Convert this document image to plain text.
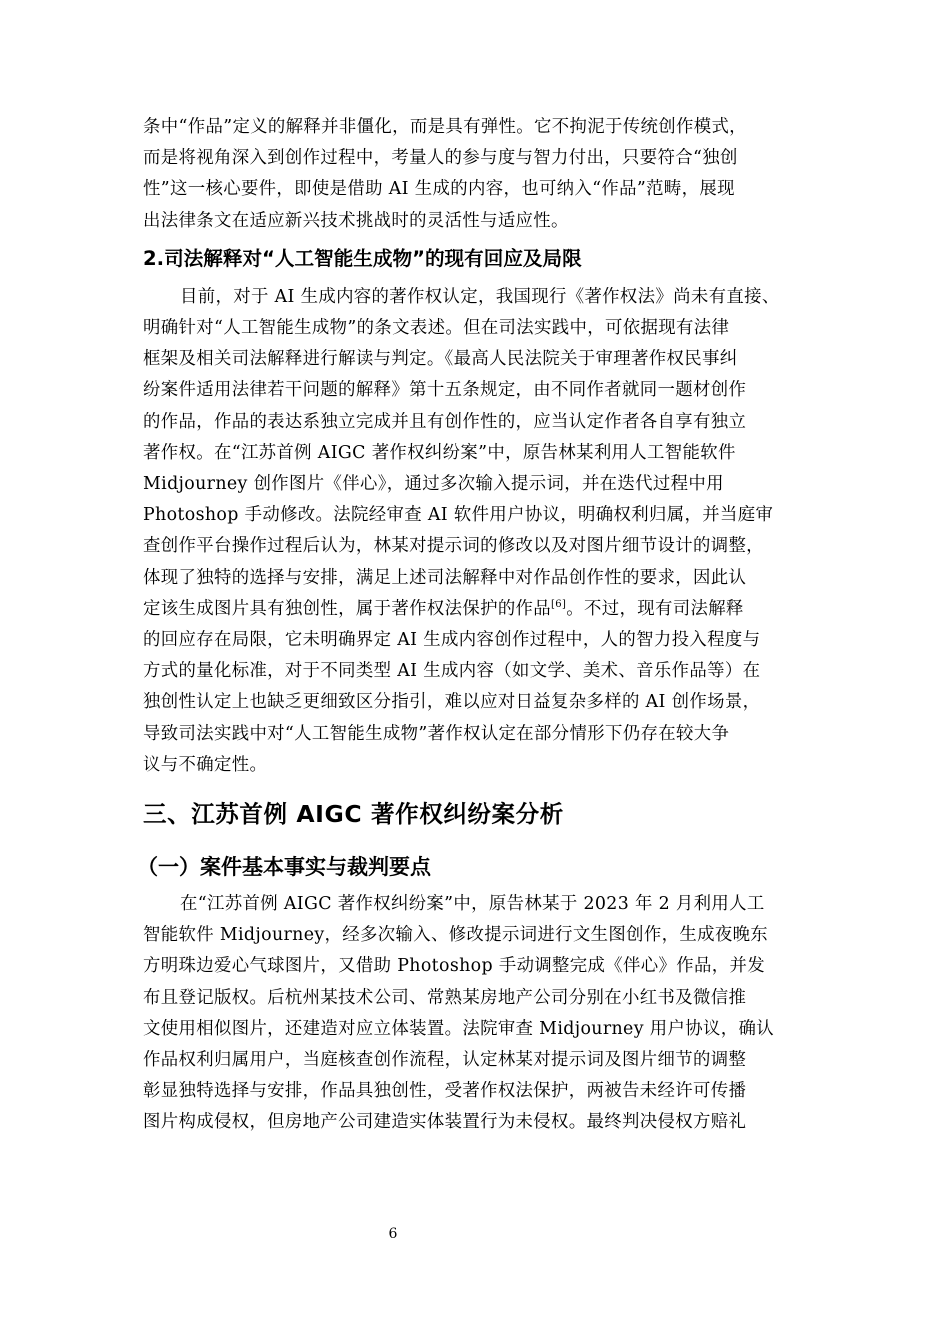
条中“作品”定义的解释并非僵化，而是具有弹性。它不拘泥于传统创作模式，
而是将视角深入到创作过程中，考量人的参与度与智力付出，只要符合“独创
性”这一核心要件，即使是借助 AI 生成的内容，也可纳入“作品”范畴，展现
出法律条文在适应新兴技术挑战时的灵活性与适应性。

2.司法解释对“人工智能生成物”的现有回应及局限

目前，对于 AI 生成内容的著作权认定，我国现行《著作权法》尚未有直接、
明确针对“人工智能生成物”的条文表述。但在司法实践中，可依据现有法律
框架及相关司法解释进行解读与判定。《最高人民法院关于审理著作权民事纠
纷案件适用法律若干问题的解释》第十五条规定，由不同作者就同一题材创作
的作品，作品的表达系独立完成并且有创作性的，应当认定作者各自享有独立
著作权。在“江苏首例 AIGC 著作权纠纷案”中，原告林某利用人工智能软件
Midjourney 创作图片《伴心》，通过多次输入提示词，并在迭代过程中用
Photoshop 手动修改。法院经审查 AI 软件用户协议，明确权利归属，并当庭审
查创作平台操作过程后认为，林某对提示词的修改以及对图片细节设计的调整，
体现了独特的选择与安排，满足上述司法解释中对作品创作性的要求，因此认
定该生成图片具有独创性，属于著作权法保护的作品[6]。不过，现有司法解释
的回应存在局限，它未明确界定 AI 生成内容创作过程中，人的智力投入程度与
方式的量化标准，对于不同类型 AI 生成内容（如文学、美术、音乐作品等）在
独创性认定上也缺乏更细致区分指引，难以应对日益复杂多样的 AI 创作场景，
导致司法实践中对“人工智能生成物”著作权认定在部分情形下仍存在较大争
议与不确定性。

三、江苏首例 AIGC 著作权纠纷案分析
（一）案件基本事实与裁判要点

在“江苏首例 AIGC 著作权纠纷案”中，原告林某于 2023 年 2 月利用人工
智能软件 Midjourney，经多次输入、修改提示词进行文生图创作，生成夜晚东
方明珠边爱心气球图片，又借助 Photoshop 手动调整完成《伴心》作品，并发
布且登记版权。后杭州某技术公司、常熟某房地产公司分别在小红书及微信推
文使用相似图片，还建造对应立体装置。法院审查 Midjourney 用户协议，确认
作品权利归属用户，当庭核查创作流程，认定林某对提示词及图片细节的调整
彰显独特选择与安排，作品具独创性，受著作权法保护，两被告未经许可传播
图片构成侵权，但房地产公司建造实体装置行为未侵权。最终判决侵权方赔礼

6
